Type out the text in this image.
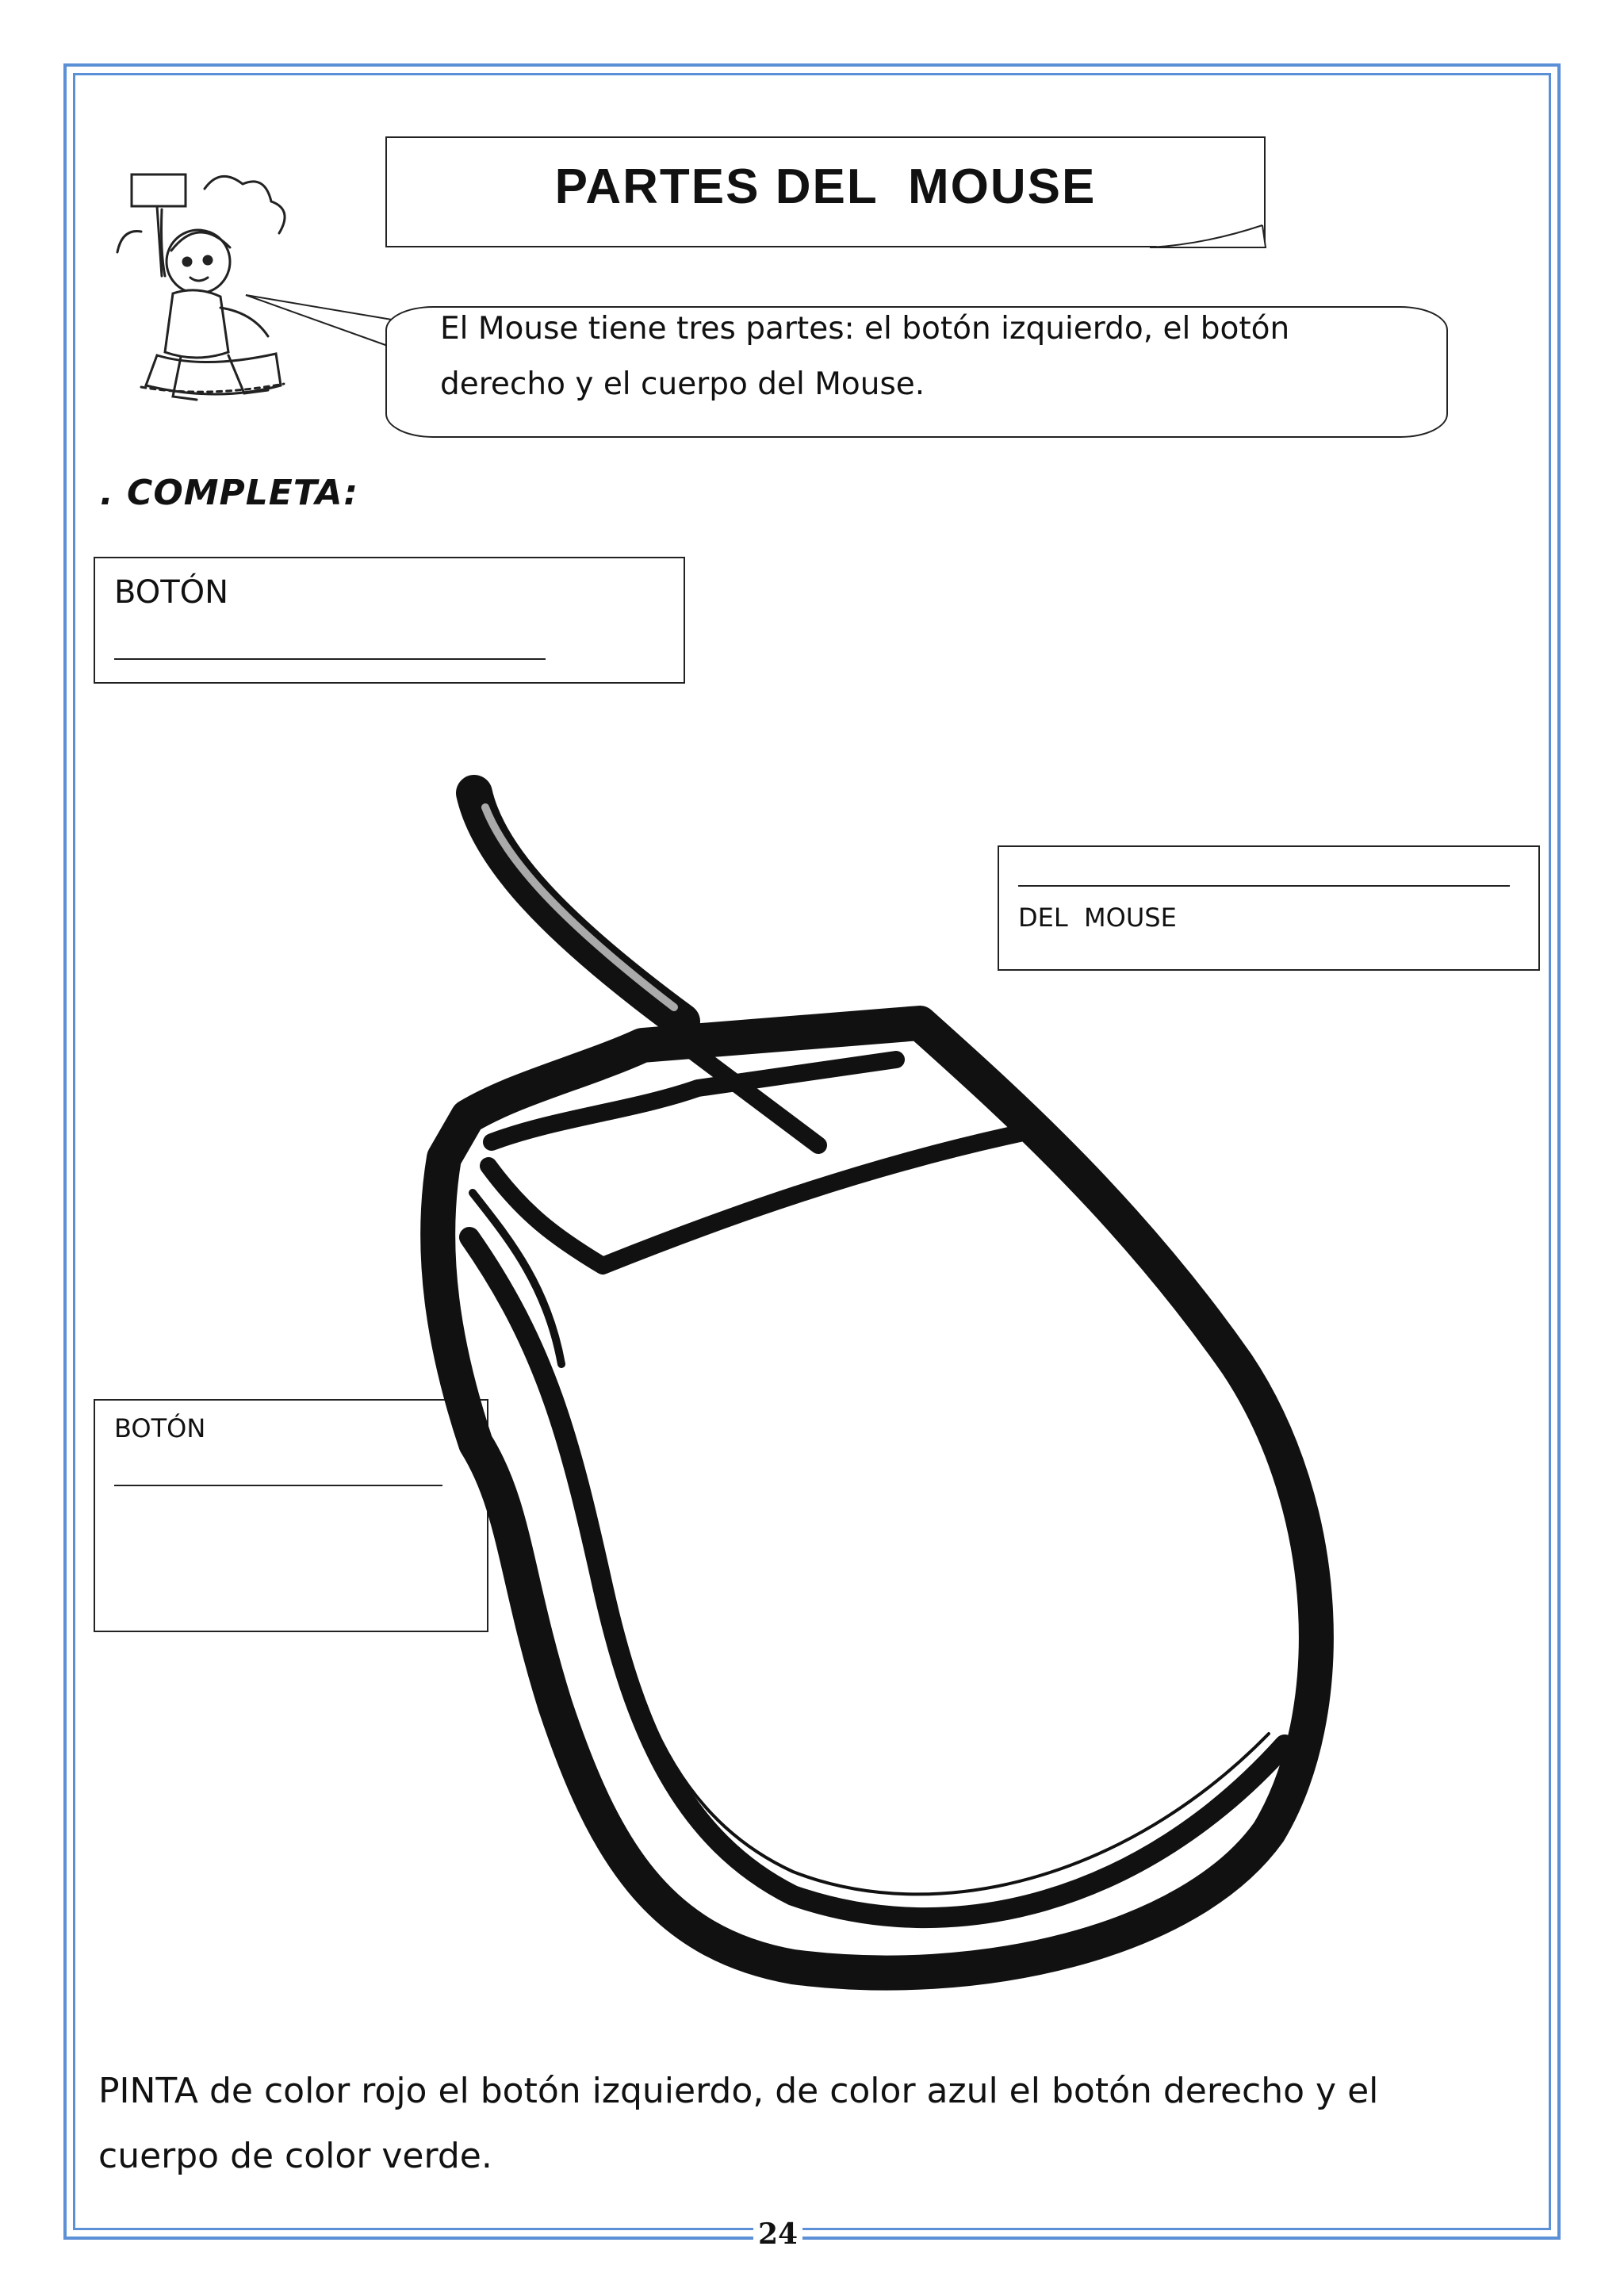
PARTES DEL  MOUSE
El Mouse tiene tres partes: el botón izquierdo, el botón derecho y el cuerpo del Mouse.
. COMPLETA:
BOTÓN
DEL  MOUSE
BOTÓN
PINTA de color rojo el botón izquierdo, de color azul el botón derecho y el cuerpo de color verde.
24
